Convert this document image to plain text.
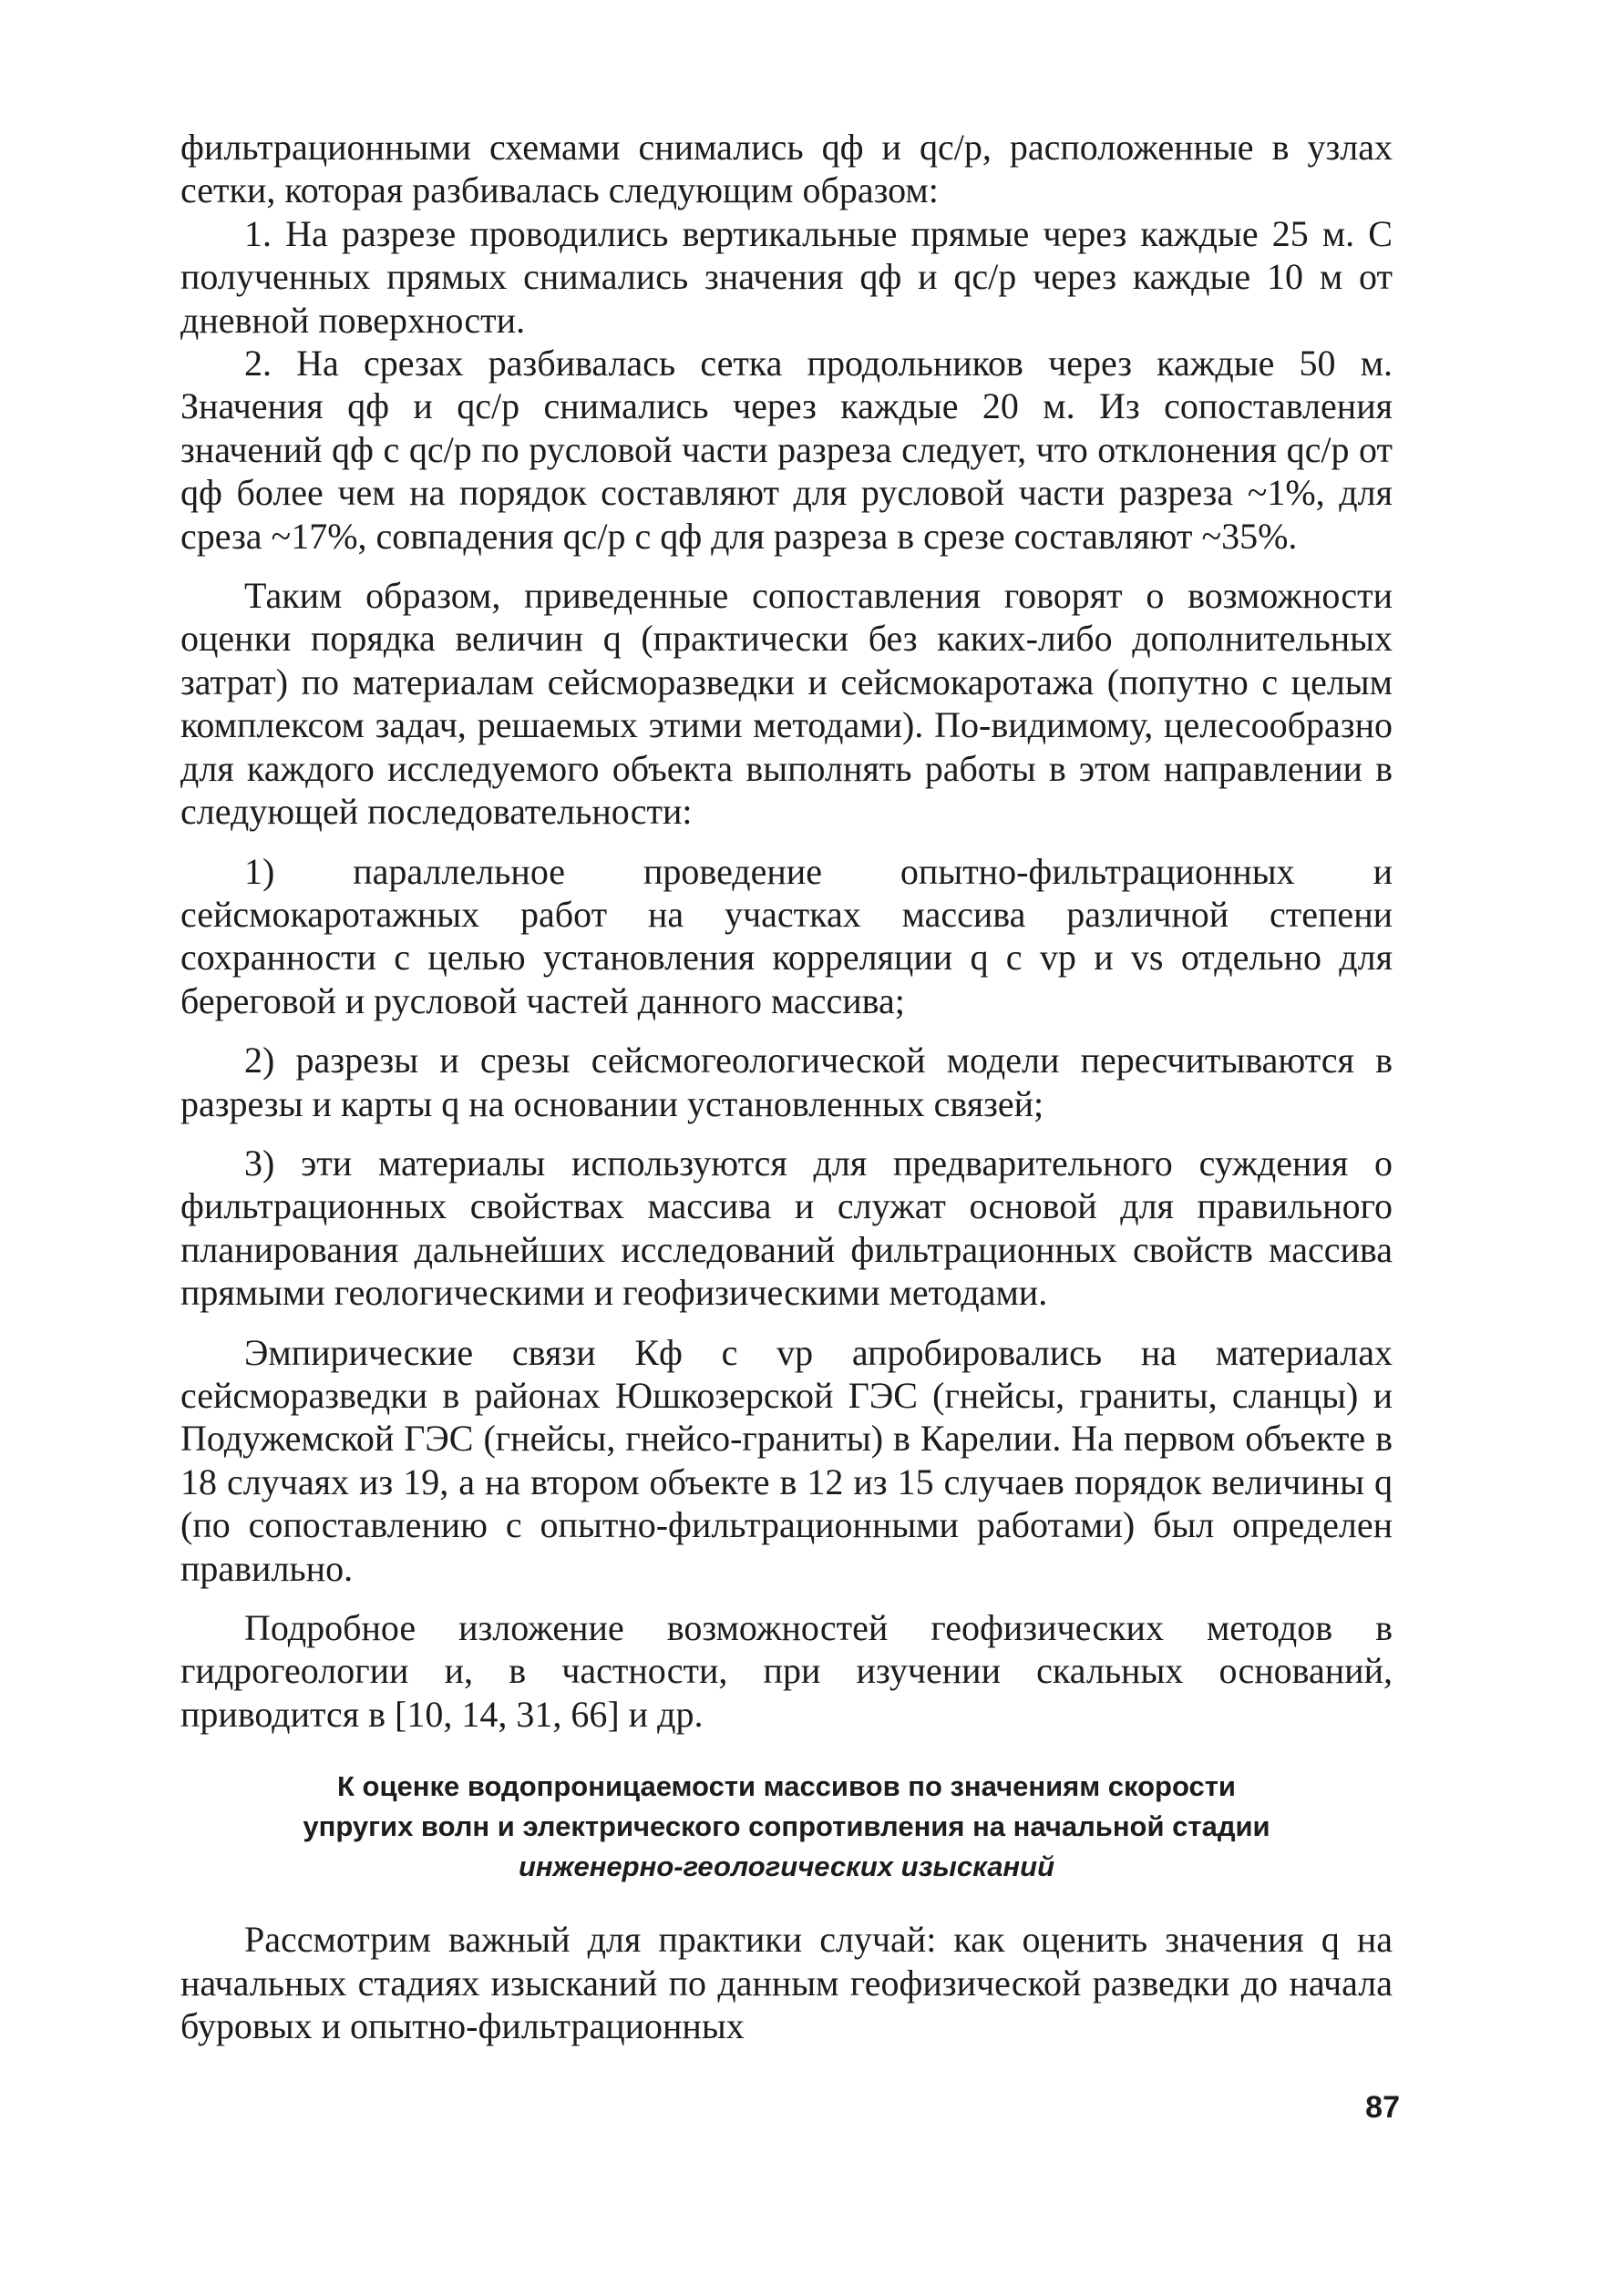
фильтрационными схемами снимались qф и qc/p, расположенные в узлах сетки, которая разбивалась следующим образом:

1. На разрезе проводились вертикальные прямые через каждые 25 м. С полученных прямых снимались значения qф и qc/p через каждые 10 м от дневной поверхности.

2. На срезах разбивалась сетка продольников через каждые 50 м. Значения qф и qc/p снимались через каждые 20 м. Из сопоставления значений qф с qc/p по русловой части разреза следует, что отклонения qc/p от qф более чем на порядок составляют для русловой части разреза ~1%, для среза ~17%, совпадения qc/p с qф для разреза в срезе составляют ~35%.

Таким образом, приведенные сопоставления говорят о возможности оценки порядка величин q (практически без каких-либо дополнительных затрат) по материалам сейсморазведки и сейсмокаротажа (попутно с целым комплексом задач, решаемых этими методами). По-видимому, целесообразно для каждого исследуемого объекта выполнять работы в этом направлении в следующей последовательности:

1) параллельное проведение опытно-фильтрационных и сейсмокаротажных работ на участках массива различной степени сохранности с целью установления корреляции q с vp и vs отдельно для береговой и русловой частей данного массива;

2) разрезы и срезы сейсмогеологической модели пересчитываются в разрезы и карты q на основании установленных связей;

3) эти материалы используются для предварительного суждения о фильтрационных свойствах массива и служат основой для правильного планирования дальнейших исследований фильтрационных свойств массива прямыми геологическими и геофизическими методами.

Эмпирические связи Кф с vp апробировались на материалах сейсморазведки в районах Юшкозерской ГЭС (гнейсы, граниты, сланцы) и Подужемской ГЭС (гнейсы, гнейсо-граниты) в Карелии. На первом объекте в 18 случаях из 19, а на втором объекте в 12 из 15 случаев порядок величины q (по сопоставлению с опытно-фильтрационными работами) был определен правильно.

Подробное изложение возможностей геофизических методов в гидрогеологии и, в частности, при изучении скальных оснований, приводится в [10, 14, 31, 66] и др.

К оценке водопроницаемости массивов по значениям скорости
упругих волн и электрического сопротивления на начальной стадии
инженерно-геологических изысканий

Рассмотрим важный для практики случай: как оценить значения q на начальных стадиях изысканий по данным геофизической разведки до начала буровых и опытно-фильтрационных

87
